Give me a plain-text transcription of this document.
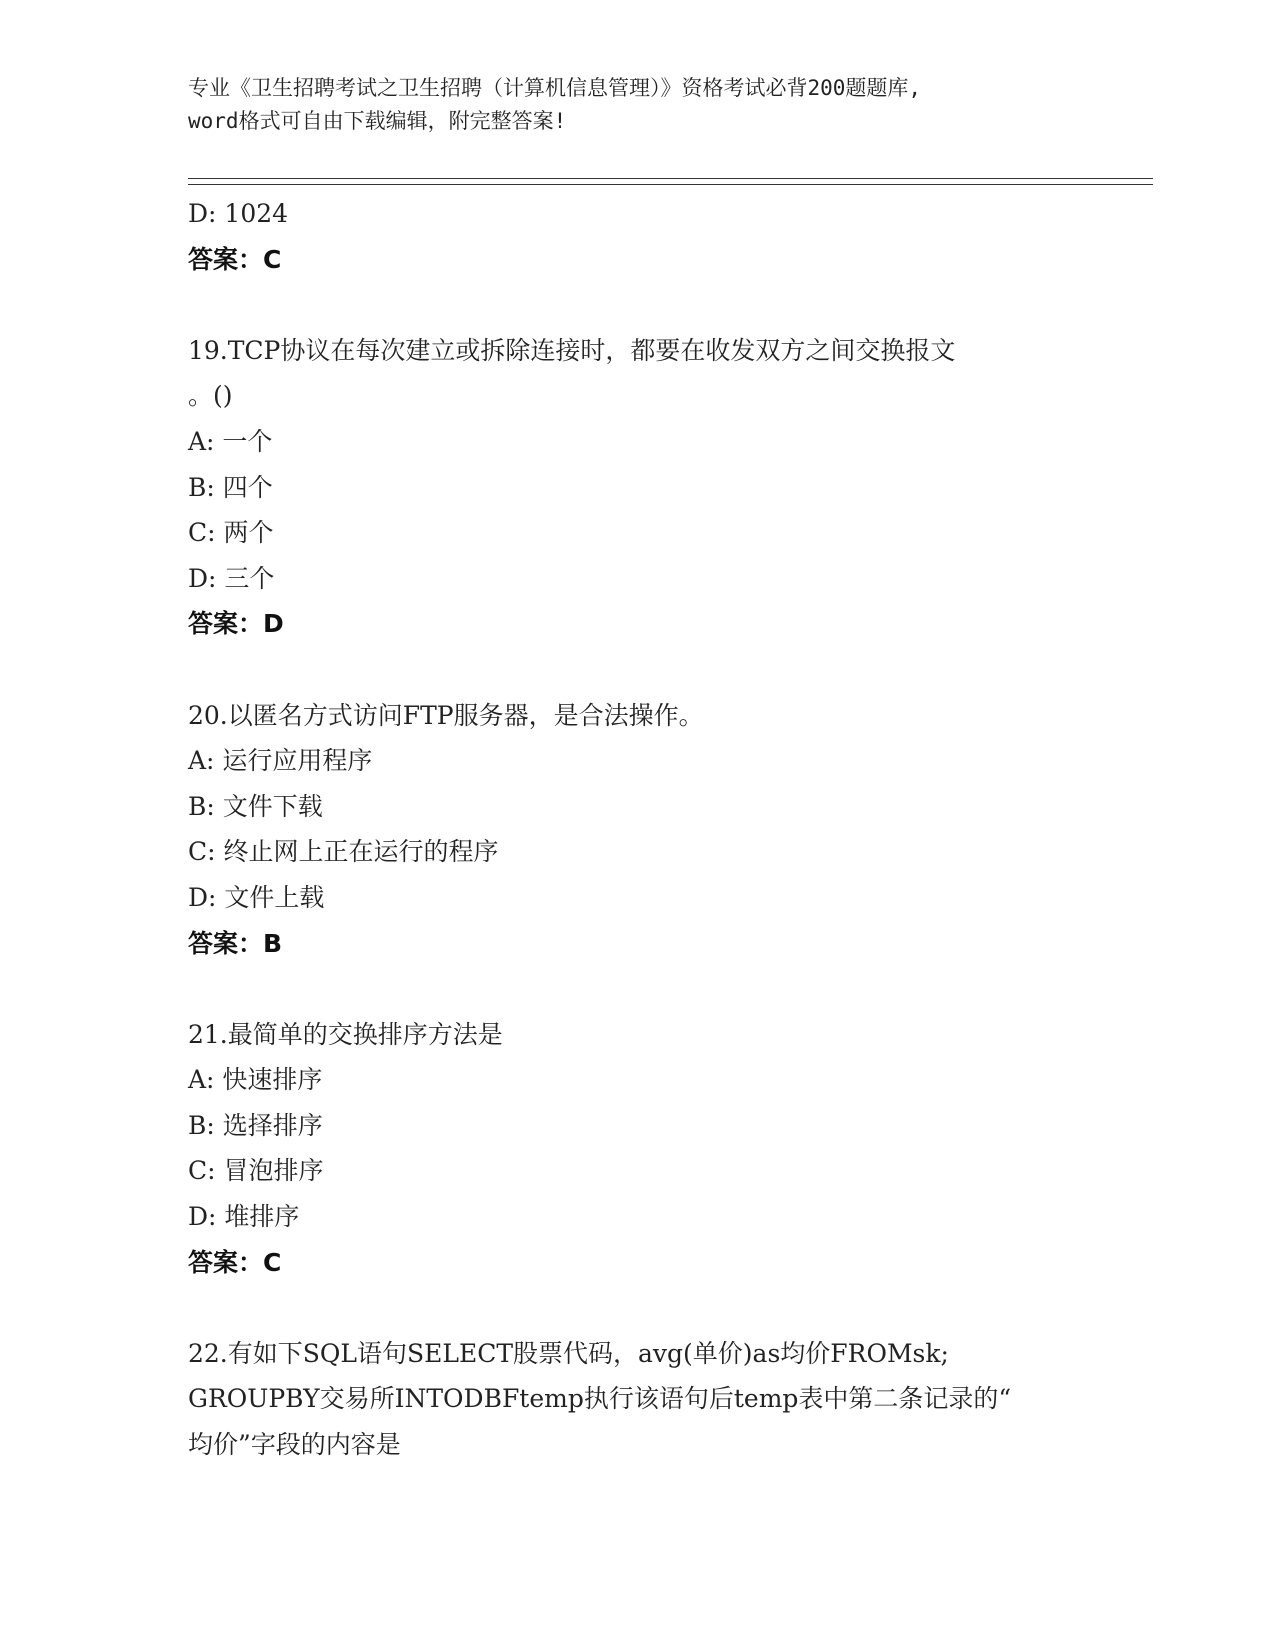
专业《卫生招聘考试之卫生招聘（计算机信息管理）》资格考试必背200题题库,
word格式可自由下载编辑，附完整答案!
D: 1024
答案：C
19.TCP协议在每次建立或拆除连接时，都要在收发双方之间交换报文
。()
A: 一个
B: 四个
C: 两个
D: 三个
答案：D
20.以匿名方式访问FTP服务器，是合法操作。
A: 运行应用程序
B: 文件下载
C: 终止网上正在运行的程序
D: 文件上载
答案：B
21.最简单的交换排序方法是
A: 快速排序
B: 选择排序
C: 冒泡排序
D: 堆排序
答案：C
22.有如下SQL语句SELECT股票代码，avg(单价)as均价FROMsk;
GROUPBY交易所INTODBFtemp执行该语句后temp表中第二条记录的“
均价”字段的内容是
